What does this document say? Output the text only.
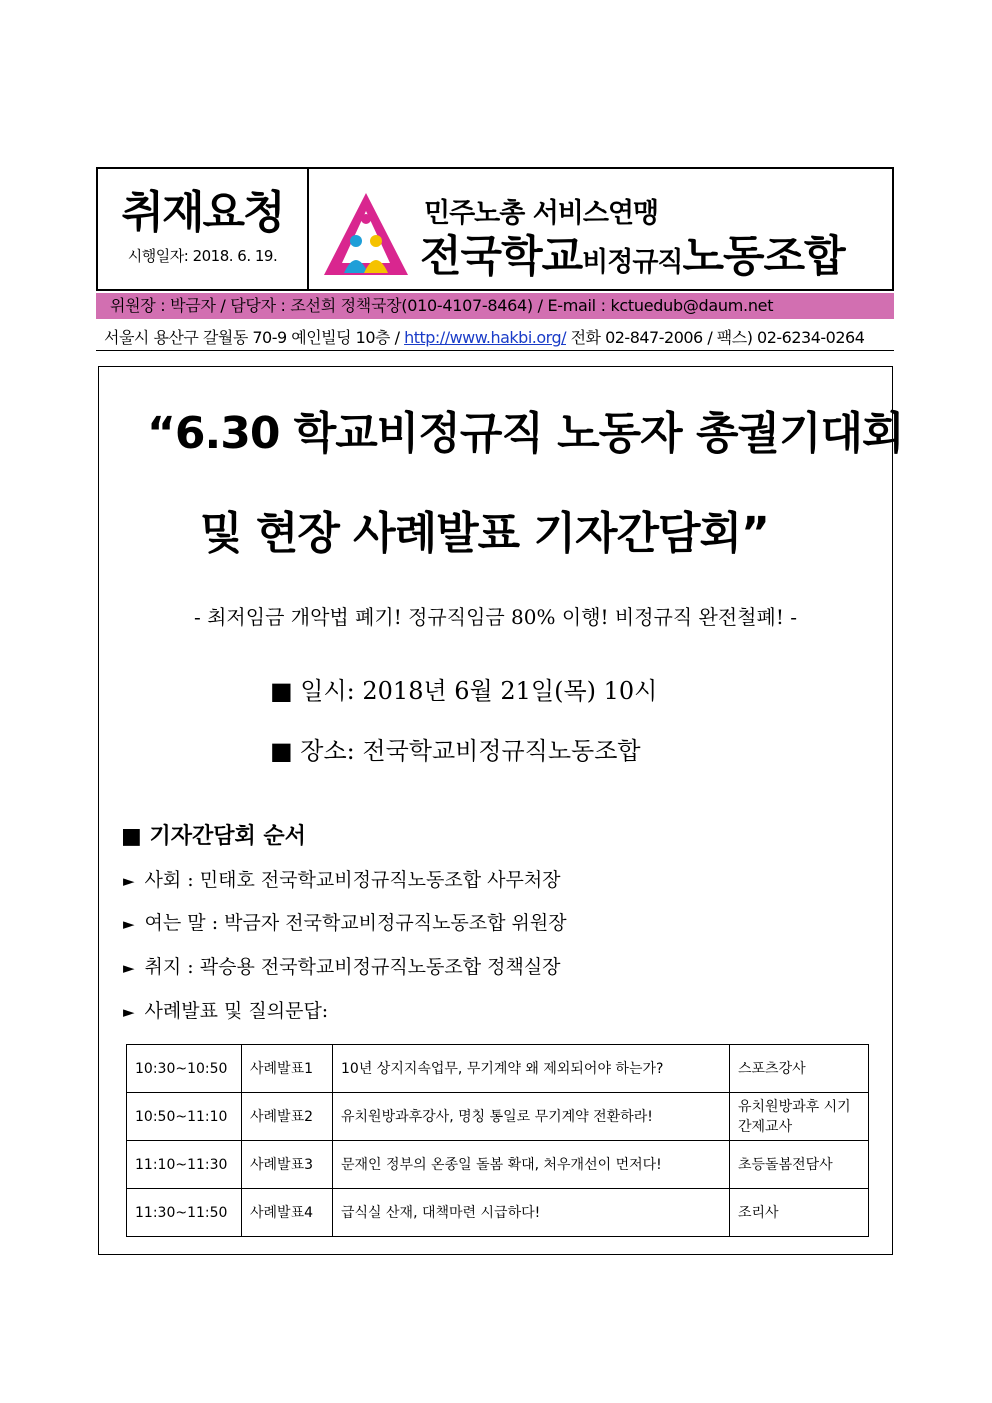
취재요청
시행일자: 2018. 6. 19.
민주노총 서비스연맹
전국학교비정규직노동조합
위원장 : 박금자 / 담당자 : 조선희 정책국장(010-4107-8464) / E-mail : kctuedub@daum.net
서울시 용산구 갈월동 70-9 예인빌딩 10층 / http://www.hakbi.org/ 전화 02-847-2006 / 팩스) 02-6234-0264
“6.30 학교비정규직 노동자 총궐기대회
및 현장 사례발표 기자간담회”
- 최저임금 개악법 폐기! 정규직임금 80% 이행! 비정규직 완전철폐! -
■ 일시: 2018년 6월 21일(목) 10시
■ 장소: 전국학교비정규직노동조합
■ 기자간담회 순서
► 사회 : 민태호 전국학교비정규직노동조합 사무처장
► 여는 말 : 박금자 전국학교비정규직노동조합 위원장
► 취지 : 곽승용 전국학교비정규직노동조합 정책실장
► 사례발표 및 질의문답:
10:30~10:50	사례발표1	10년 상지지속업무, 무기계약 왜 제외되어야 하는가?	스포츠강사
10:50~11:10	사례발표2	유치원방과후강사, 명칭 통일로 무기계약 전환하라!	유치원방과후 시기간제교사
11:10~11:30	사례발표3	문재인 정부의 온종일 돌봄 확대, 처우개선이 먼저다!	초등돌봄전담사
11:30~11:50	사례발표4	급식실 산재, 대책마련 시급하다!	조리사
